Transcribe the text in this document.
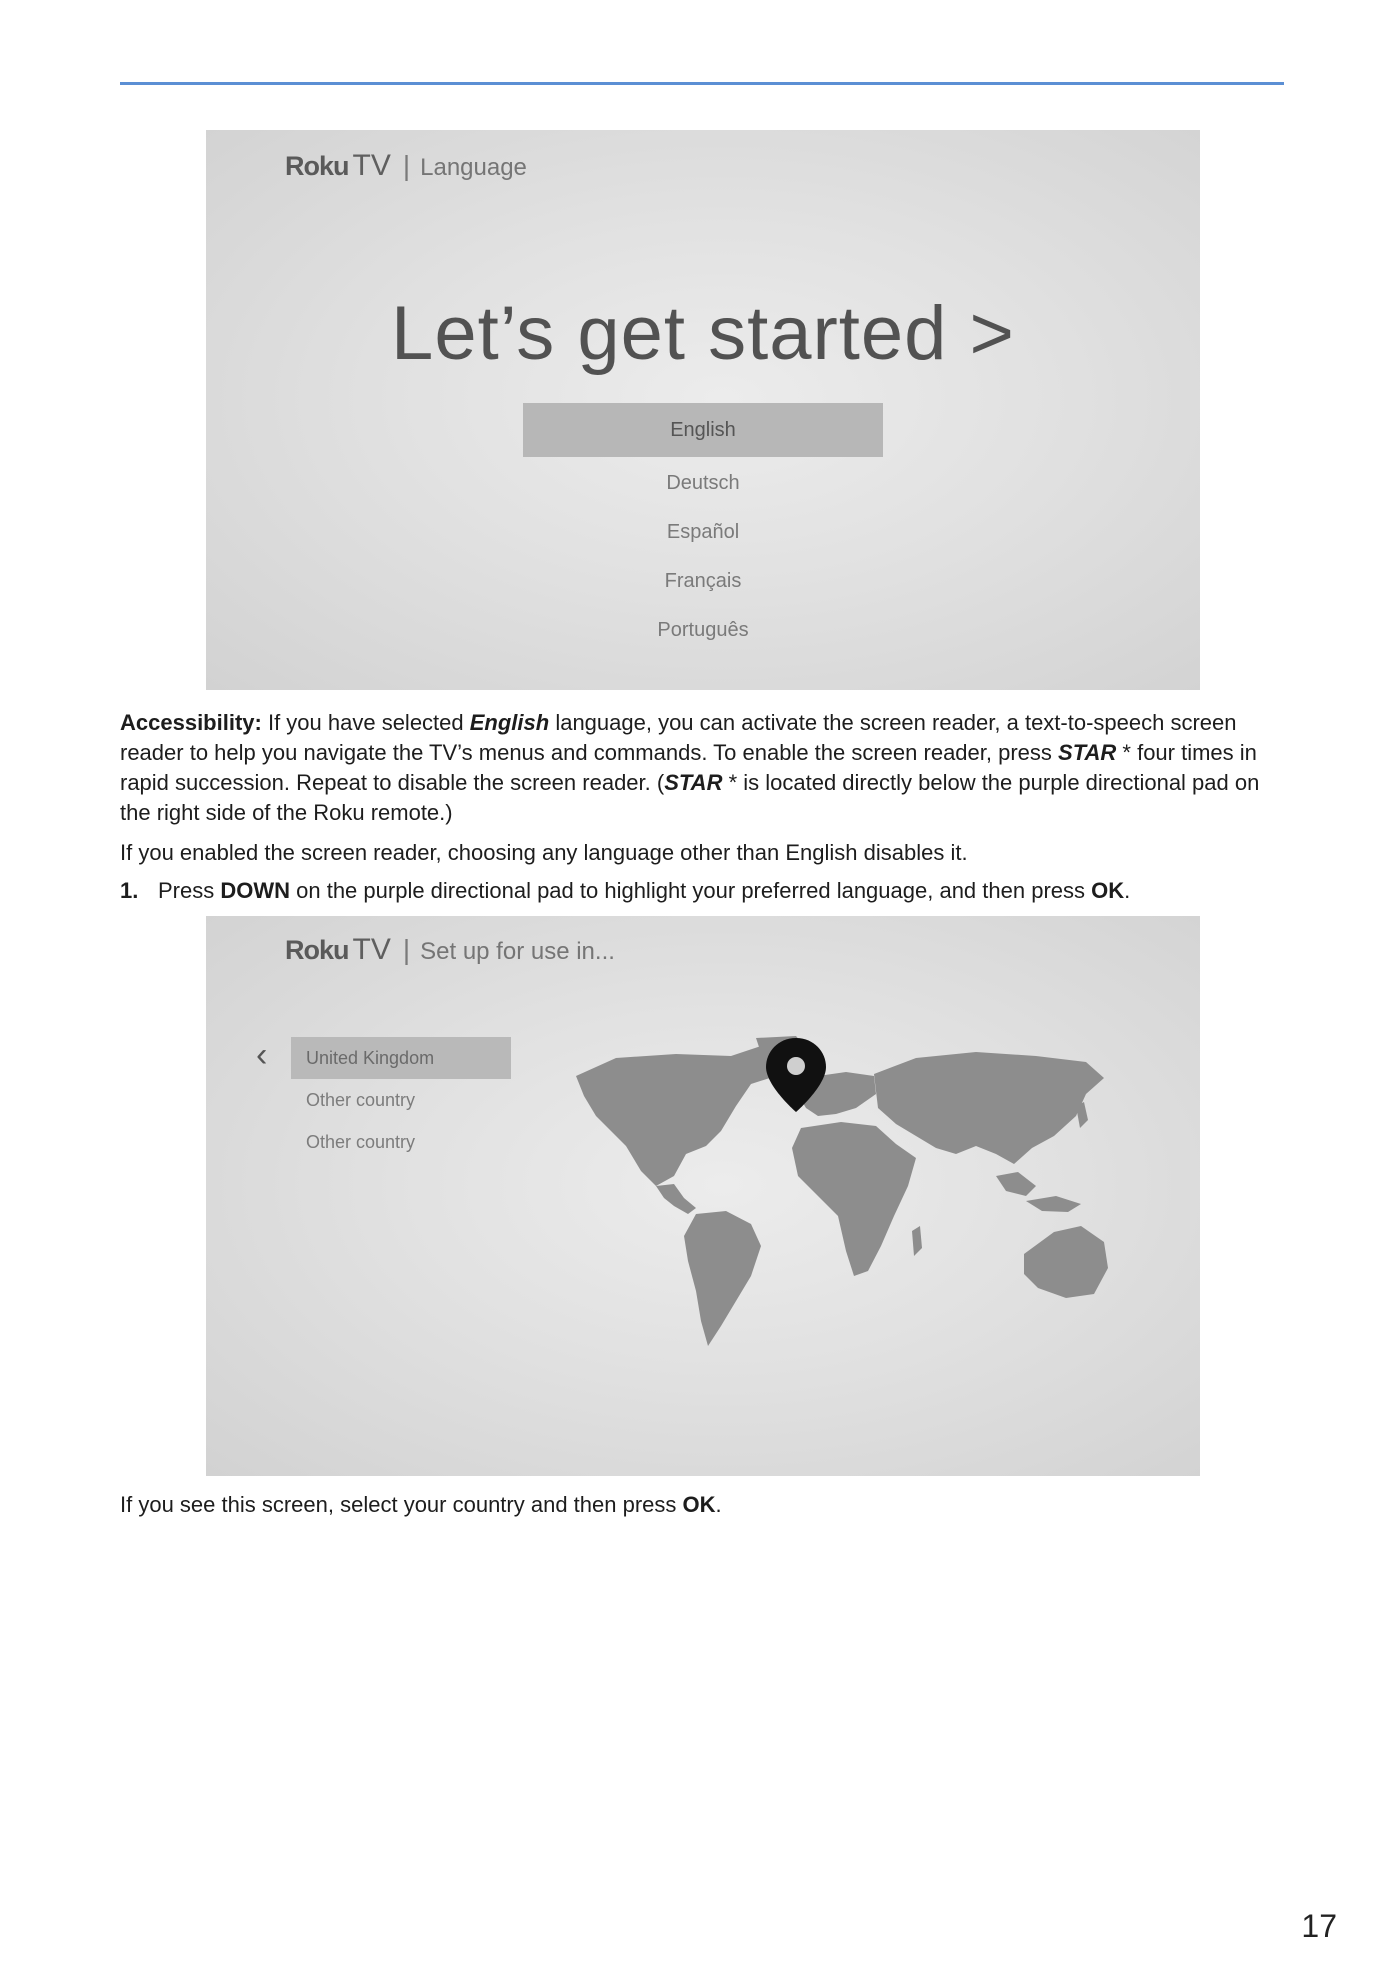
Roku TV | Language
Let’s get started >
English
Deutsch
Español
Français
Português
Accessibility: If you have selected English language, you can activate the screen reader, a text-to-speech screen reader to help you navigate the TV’s menus and commands. To enable the screen reader, press STAR * four times in rapid succession. Repeat to disable the screen reader. (STAR * is located directly below the purple directional pad on the right side of the Roku remote.)
If you enabled the screen reader, choosing any language other than English disables it.
1. Press DOWN on the purple directional pad to highlight your preferred language, and then press OK.
Roku TV | Set up for use in...
‹	United Kingdom
Other country
Other country
If you see this screen, select your country and then press OK.
17
